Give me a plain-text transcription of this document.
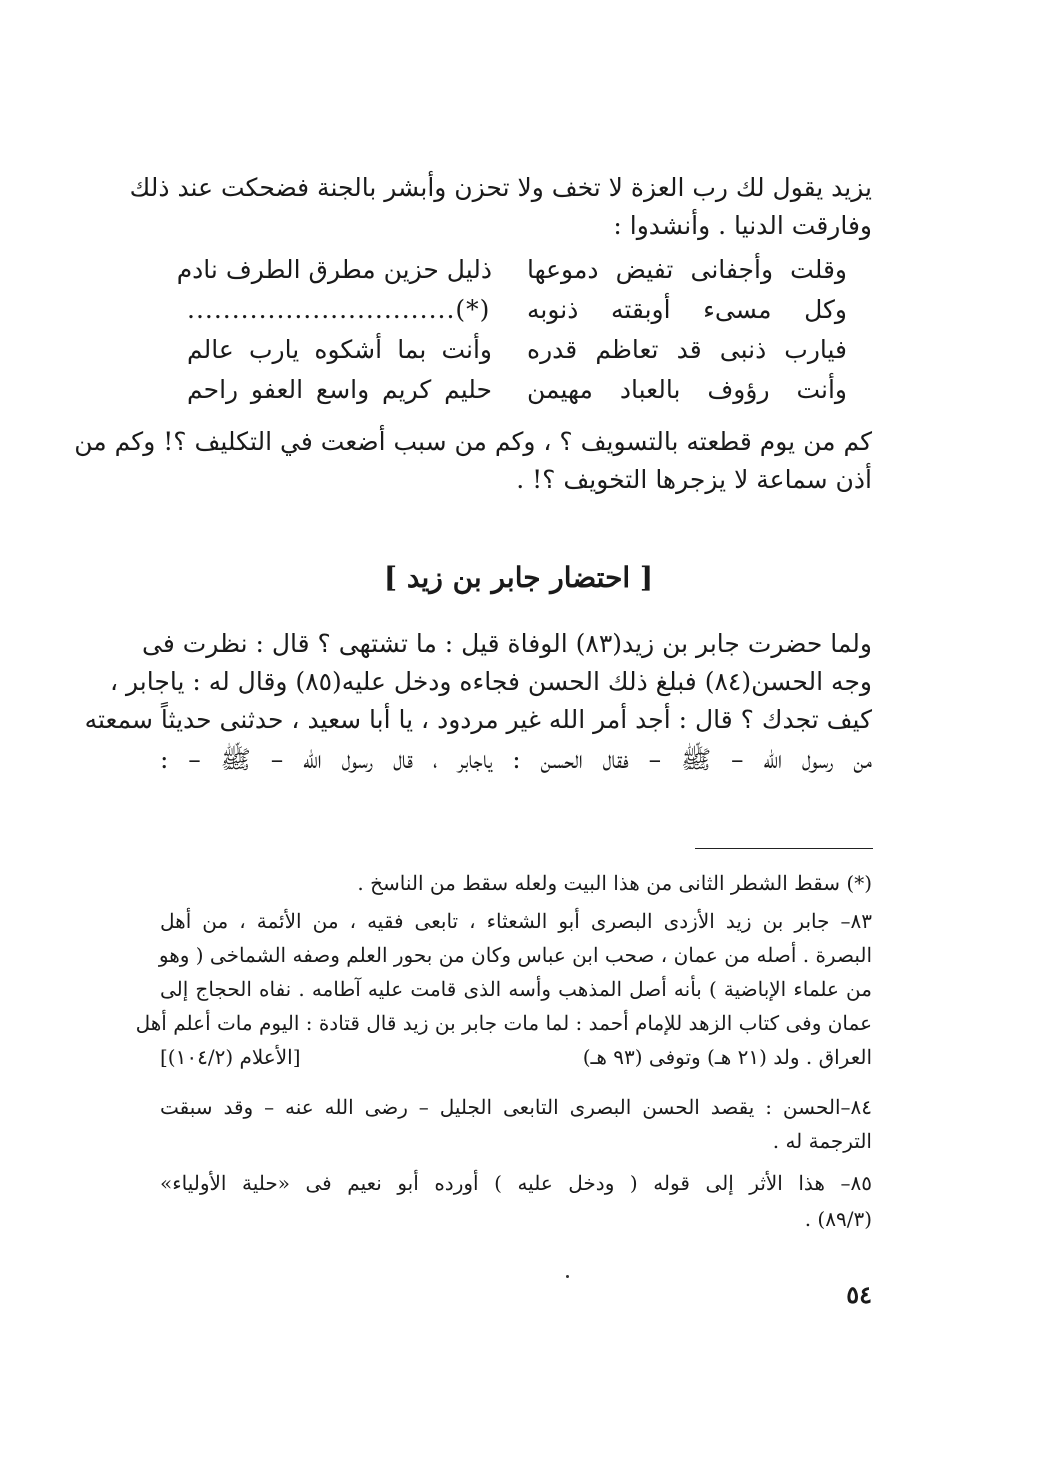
يزيد يقول لك رب العزة لا تخف ولا تحزن وأبشر بالجنة فضحكت عند ذلك
وفارقت الدنيا . وأنشدوا :
وقلت وأجفانى تفيض دموعها
ذليل حزين مطرق الطرف نادم
وكل مسىء أوبقته ذنوبه
..............................(*)
فيارب ذنبى قد تعاظم قدره
وأنت بما أشكوه يارب عالم
وأنت رؤوف بالعباد مهيمن
حليم كريم واسع العفو راحم
كم من يوم قطعته بالتسويف ؟ ، وكم من سبب أضعت في التكليف ؟! وكم من
أذن سماعة لا يزجرها التخويف ؟! .
[ احتضار جابر بن زيد ]
ولما حضرت جابر بن زيد(٨٣) الوفاة قيل : ما تشتهى ؟ قال : نظرت فى
وجه الحسن(٨٤) فبلغ ذلك الحسن فجاءه ودخل عليه(٨٥) وقال له : ياجابر ،
كيف تجدك ؟ قال : أجد أمر الله غير مردود ، يا أبا سعيد ، حدثنى حديثاً سمعته
من رسول الله – ﷺ – فقال الحسن : ياجابر ، قال رسول الله – ﷺ – :
(*) سقط الشطر الثانى من هذا البيت ولعله سقط من الناسخ .
٨٣– جابر بن زيد الأزدى البصرى أبو الشعثاء ، تابعى فقيه ، من الأئمة ، من أهل
البصرة . أصله من عمان ، صحب ابن عباس وكان من بحور العلم وصفه الشماخى ( وهو
من علماء الإباضية ) بأنه أصل المذهب وأسه الذى قامت عليه آطامه . نفاه الحجاج إلى
عمان وفى كتاب الزهد للإمام أحمد : لما مات جابر بن زيد قال قتادة : اليوم مات أعلم أهل
العراق . ولد (٢١ هـ) وتوفى (٩٣ هـ)
[الأعلام (١٠٤/٢)]
٨٤–الحسن : يقصد الحسن البصرى التابعى الجليل – رضى الله عنه – وقد سبقت
الترجمة له .
٨٥– هذا الأثر إلى قوله ( ودخل عليه ) أورده أبو نعيم فى «حلية الأولياء»
. (٨٩/٣)
٥٤
